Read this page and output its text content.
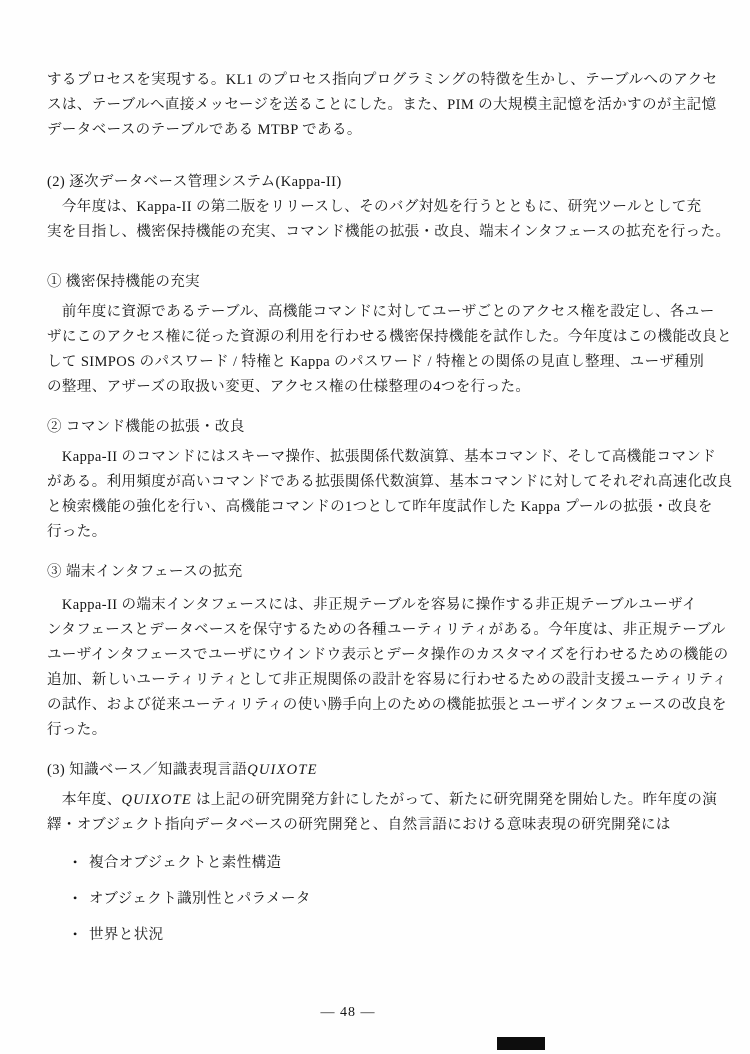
するプロセスを実現する。KL1 のプロセス指向プログラミングの特徴を生かし、テーブルへのアクセ
スは、テーブルへ直接メッセージを送ることにした。また、PIM の大規模主記憶を活かすのが主記憶
データベースのテーブルである MTBP である。
(2) 逐次データベース管理システム(Kappa-II)
　今年度は、Kappa-II の第二版をリリースし、そのバグ対処を行うとともに、研究ツールとして充
実を目指し、機密保持機能の充実、コマンド機能の拡張・改良、端末インタフェースの拡充を行った。
① 機密保持機能の充実
　前年度に資源であるテーブル、高機能コマンドに対してユーザごとのアクセス権を設定し、各ユー
ザにこのアクセス権に従った資源の利用を行わせる機密保持機能を試作した。今年度はこの機能改良と
して SIMPOS のパスワード / 特権と Kappa のパスワード / 特権との関係の見直し整理、ユーザ種別
の整理、アザーズの取扱い変更、アクセス権の仕様整理の4つを行った。
② コマンド機能の拡張・改良
　Kappa-II のコマンドにはスキーマ操作、拡張関係代数演算、基本コマンド、そして高機能コマンド
がある。利用頻度が高いコマンドである拡張関係代数演算、基本コマンドに対してそれぞれ高速化改良
と検索機能の強化を行い、高機能コマンドの1つとして昨年度試作した Kappa プールの拡張・改良を
行った。
③ 端末インタフェースの拡充
　Kappa-II の端末インタフェースには、非正規テーブルを容易に操作する非正規テーブルユーザイ
ンタフェースとデータベースを保守するための各種ユーティリティがある。今年度は、非正規テーブル
ユーザインタフェースでユーザにウインドウ表示とデータ操作のカスタマイズを行わせるための機能の
追加、新しいユーティリティとして非正規関係の設計を容易に行わせるための設計支援ユーティリティ
の試作、および従来ユーティリティの使い勝手向上のための機能拡張とユーザインタフェースの改良を
行った。
(3) 知識ベース／知識表現言語QUIXOTE
　本年度、QUIXOTE は上記の研究開発方針にしたがって、新たに研究開発を開始した。昨年度の演
繹・オブジェクト指向データベースの研究開発と、自然言語における意味表現の研究開発には
• 複合オブジェクトと素性構造
• オブジェクト識別性とパラメータ
• 世界と状況
— 48 —
